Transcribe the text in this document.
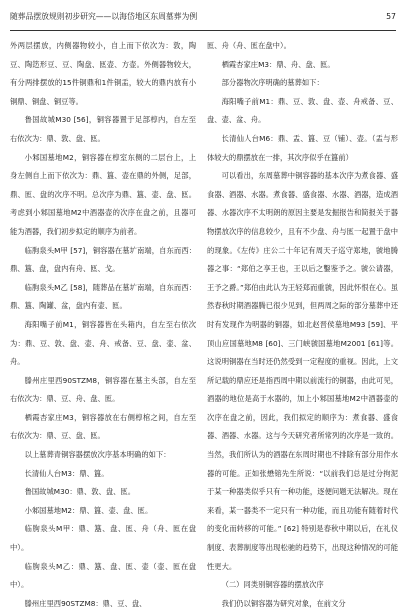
随葬品摆放规则初步研究——以海岱地区东周墓葬为例	57

外两层摆放，内侧器物较小，自上而下依次为：敦，陶豆、陶笾形豆、豆、陶盘、匜壶、方壶。外侧器物较大，有分两排摆放的15件铜鼎和1件铜盂，较大的鼎内放有小铜鼎、铜盘、铜豆等。

鲁国故城M30 [56]，铜容器置于足部椁内，自左至右依次为：鼎、敦、盘、匜。

小邾国墓地M2，铜容器在椁室东侧的二层台上，上身左侧自上而下依次为：鼎、簋、壶在鼎的外侧，足部，鼎、匜、盘的次序不明。总次序为鼎、簋、壶、盘、匜。考虑到小邾国墓地M2中酒器壶的次序在盘之前，且器可能为酒器，我们初步拟定的顺序为前者。

临朐泉头M甲 [57]，铜容器在墓圹南端，自东而西：鼎、簋、盘，盘内有舟、匜、戈。

临朐泉头M乙 [58]，随葬品在墓圹南端，自东而西：鼎、簋、陶罐、盆，盘内有壶、匜。

海阳嘴子前M1，铜容器皆在头箱内，自左至右依次为：鼎、豆、敦、盘、壶、舟、戒备、豆、盘、壶、盆、舟。

滕州庄里西90STZM8，铜容器在墓主头部，自左至右依次为：鼎、豆、舟、盘、匜。

栖霞杏家庄M3，铜容器放在右侧椁棺之间，自左至右依次为：鼎、豆、盘、匜。

以上墓葬青铜容器摆放次序基本明确的如下：

长清仙人台M3：鼎、簋。

鲁国故城M30：鼎、敦、盘、匜。

小邾国墓地M2：鼎、簋、壶、盘、匜。

临朐泉头M甲：鼎、簋、盘、匜、舟（舟、匜在盘中）。

临朐泉头M乙：鼎、簋、盘、匜、壶（壶、匜在盘中）。

滕州庄里西90STZM8：鼎、豆、盘、

匜、舟（舟、匜在盘中）。

栖霞杏家庄M3：鼎、舟、盘、匜。

部分器物次序明确的墓葬如下：

海阳嘴子前M1：鼎、豆、敦、盘、壶、舟戒备、豆、盘、壶、盆、舟。

长清仙人台M6：鼎、盂、簋、豆（铺）、壶。（盂与形体较大的鼎摆放在一排，其次序似乎在簋前）

可以看出，东周墓葬中铜容器的基本次序为煮食器、盛食器、酒器、水器。煮食器、盛食器、水器、酒器，造成酒器、水器次序不太明朗的原因主要是发掘报告和简报关于器物摆放次序的信息较少，且有不少盘、舟与匜一起置于盘中的现象。《左传》庄公二十年记有周天子巡守郑地，虢地腾器之事：“郑伯之享王也，王以后之鑿鉴予之。虢公请器，王予之爵。”郑伯由此认为王轻郑而重虢，因此怀恨在心。虽然春秋时期酒器腾已很少见到，但两周之际的部分墓葬中还时有发现作为明器的铜器，如北赵晋侯墓地M93 [59]、平顶山应国墓地M8 [60]、三门峡虢国墓地M2001 [61]等。这说明铜器在当时还仍然受到一定程度的重视。因此，上文所记载的鼎应还是指西周中期以前流行的铜器，由此可见，酒器的地位是高于水器的，加上小邾国墓地M2中酒器壶的次序在盘之前，因此，我们拟定的顺序为：煮食器、盛食器、酒器、水器。这与今天研究者所常列的次序是一致的。当然，我们所认为的酒器在东周时期也不排除有部分用作水器的可能。正如张懋镕先生所说：“以前我们总是过分拘泥于某一种器类似乎只有一种功能，逐便问题无法解决。现在来看，某一器类不一定只有一种功能，而且功能有随着时代的变化而转移的可能。” [62] 特别是春秋中期以后，在礼仪制度、表葬制度等出现松驰的趋势下，出现这种情况的可能性更大。

（二）同类别铜容器的摆放次序

我们仍以铜容器为研究对象，在前文分
